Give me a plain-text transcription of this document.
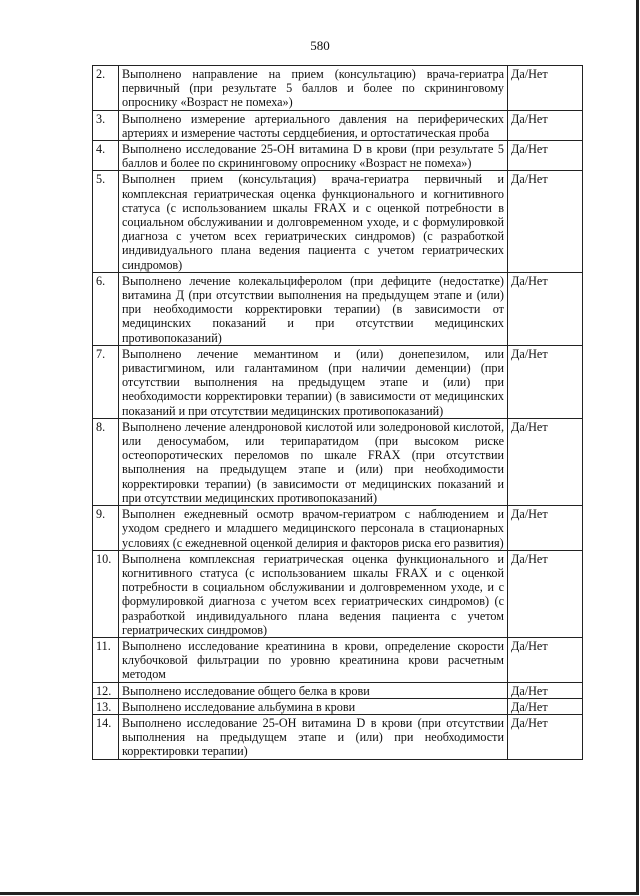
580
2.	Выполнено направление на прием (консультацию) врача-гериатра первичный (при результате 5 баллов и более по скрининговому опроснику «Возраст не помеха»)	Да/Нет
3.	Выполнено измерение артериального давления на периферических артериях и измерение частоты сердцебиения, и ортостатическая проба	Да/Нет
4.	Выполнено исследование 25-ОН витамина D в крови (при результате 5 баллов и более по скрининговому опроснику «Возраст не помеха»)	Да/Нет
5.	Выполнен прием (консультация) врача-гериатра первичный и комплексная гериатрическая оценка функционального и когнитивного статуса (с использованием шкалы FRAX и с оценкой потребности в социальном обслуживании и долговременном уходе, и с формулировкой диагноза с учетом всех гериатрических синдромов) (с разработкой индивидуального плана ведения пациента с учетом гериатрических синдромов)	Да/Нет
6.	Выполнено лечение колекальциферолом (при дефиците (недостатке) витамина Д (при отсутствии выполнения на предыдущем этапе и (или) при необходимости корректировки терапии) (в зависимости от медицинских показаний и при отсутствии медицинских противопоказаний)	Да/Нет
7.	Выполнено лечение мемантином и (или) донепезилом, или ривастигмином, или галантамином (при наличии деменции) (при отсутствии выполнения на предыдущем этапе и (или) при необходимости корректировки терапии) (в зависимости от медицинских показаний и при отсутствии медицинских противопоказаний)	Да/Нет
8.	Выполнено лечение алендроновой кислотой или золедроновой кислотой, или деносумабом, или терипаратидом (при высоком риске остеопоротических переломов по шкале FRAX (при отсутствии выполнения на предыдущем этапе и (или) при необходимости корректировки терапии) (в зависимости от медицинских показаний и при отсутствии медицинских противопоказаний)	Да/Нет
9.	Выполнен ежедневный осмотр врачом-гериатром с наблюдением и уходом среднего и младшего медицинского персонала в стационарных условиях (с ежедневной оценкой делирия и факторов риска его развития)	Да/Нет
10.	Выполнена комплексная гериатрическая оценка функционального и когнитивного статуса (с использованием шкалы FRAX и с оценкой потребности в социальном обслуживании и долговременном уходе, и с формулировкой диагноза с учетом всех гериатрических синдромов) (с разработкой индивидуального плана ведения пациента с учетом гериатрических синдромов)	Да/Нет
11.	Выполнено исследование креатинина в крови, определение скорости клубочковой фильтрации по уровню креатинина крови расчетным методом	Да/Нет
12.	Выполнено исследование общего белка в крови	Да/Нет
13.	Выполнено исследование альбумина в крови	Да/Нет
14.	Выполнено исследование 25-ОН витамина D в крови (при отсутствии выполнения на предыдущем этапе и (или) при необходимости корректировки терапии)	Да/Нет
